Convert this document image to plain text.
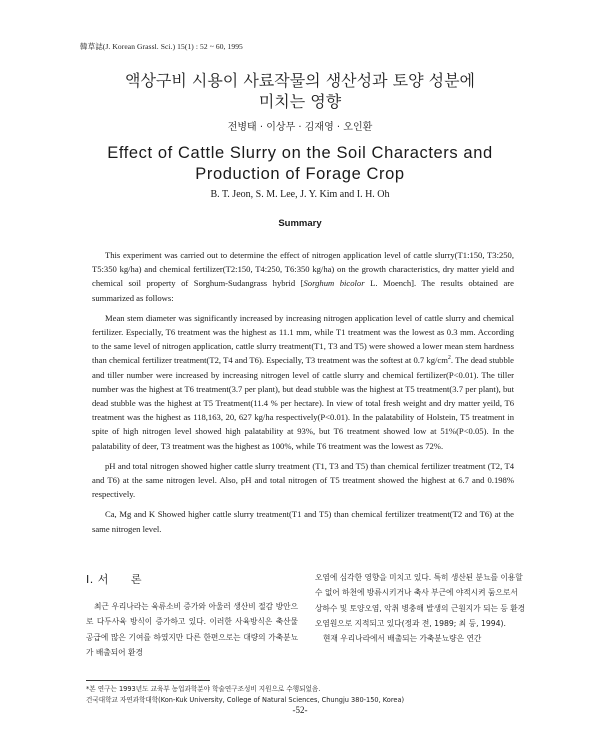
韓草誌(J. Korean Grassl. Sci.) 15(1) : 52 ~ 60, 1995
액상구비 시용이 사료작물의 생산성과 토양 성분에
미치는 영향
전병태 · 이상무 · 김재영 · 오인환
Effect of Cattle Slurry on the Soil Characters and
Production of Forage Crop
B. T. Jeon, S. M. Lee, J. Y. Kim and I. H. Oh
Summary

This experiment was carried out to determine the effect of nitrogen application level of cattle slurry(T1:150, T3:250, T5:350 kg/ha) and chemical fertilizer(T2:150, T4:250, T6:350 kg/ha) on the growth characteristics, dry matter yield and chemical soil property of Sorghum-Sudangrass hybrid [Sorghum bicolor L. Moench]. The results obtained are summarized as follows:

Mean stem diameter was significantly increased by increasing nitrogen application level of cattle slurry and chemical fertilizer. Especially, T6 treatment was the highest as 11.1 mm, while T1 treatment was the lowest as 0.3 mm. According to the same level of nitrogen application, cattle slurry treatment(T1, T3 and T5) were showed a lower mean stem hardness than chemical fertilizer treatment(T2, T4 and T6). Especially, T3 treatment was the softest at 0.7 $kg/cm^2$. The dead stubble and tiller number were increased by increasing nitrogen level of cattle slurry and chemical fertilizer(P<0.01). The tiller number was the highest at T6 treatment(3.7 per plant), but dead stubble was the highest at T5 treatment(3.7 per plant), but dead stubble was the highest at T5 Treatment(11.4 % per hectare). In view of total fresh weight and dry matter yeild, T6 treatment was the highest as 118,163, 20, 627 kg/ha respectively(P<0.01). In the palatability of Holstein, T5 treatment in spite of high nitrogen level showed high palatability at 93%, but T6 treatment showed low at 51%(P<0.05). In the palatability of deer, T3 treatment was the highest as 100%, while T6 treatment was the lowest as 72%.

pH and total nitrogen showed higher cattle slurry treatment (T1, T3 and T5) than chemical fertilizer treatment (T2, T4 and T6) at the same nitrogen level. Also, pH and total nitrogen of T5 treatment showed the highest at 6.7 and 0.198% respectively.

Ca, Mg and K Showed higher cattle slurry treatment(T1 and T5) than chemical fertilizer treatment(T2 and T6) at the same nitrogen level.

I. 서 론

최근 우리나라는 육류소비 증가와 아울러 생산비 절감 방안으로 다두사육 방식이 증가하고 있다. 이러한 사육방식은 축산물 공급에 많은 기여를 하였지만 다른 한편으로는 대량의 가축분뇨가 배출되어 환경

오염에 심각한 영향을 미치고 있다. 특히 생산된 분뇨를 이용할 수 없어 하천에 방류시키거나 축사 부근에 야적시켜 둠으로서 상하수 및 토양오염, 악취 병충해 발생의 근원지가 되는 등 환경오염원으로 지적되고 있다(정과 전, 1989; 최 등, 1994).

현재 우리나라에서 배출되는 가축분뇨량은 연간

*본 연구는 1993년도 교육부 농업과학분야 학술연구조성비 지원으로 수행되었음.
건국대학교 자연과학대학(Kon-Kuk University, College of Natural Sciences, Chungju 380-150, Korea)
-52-
